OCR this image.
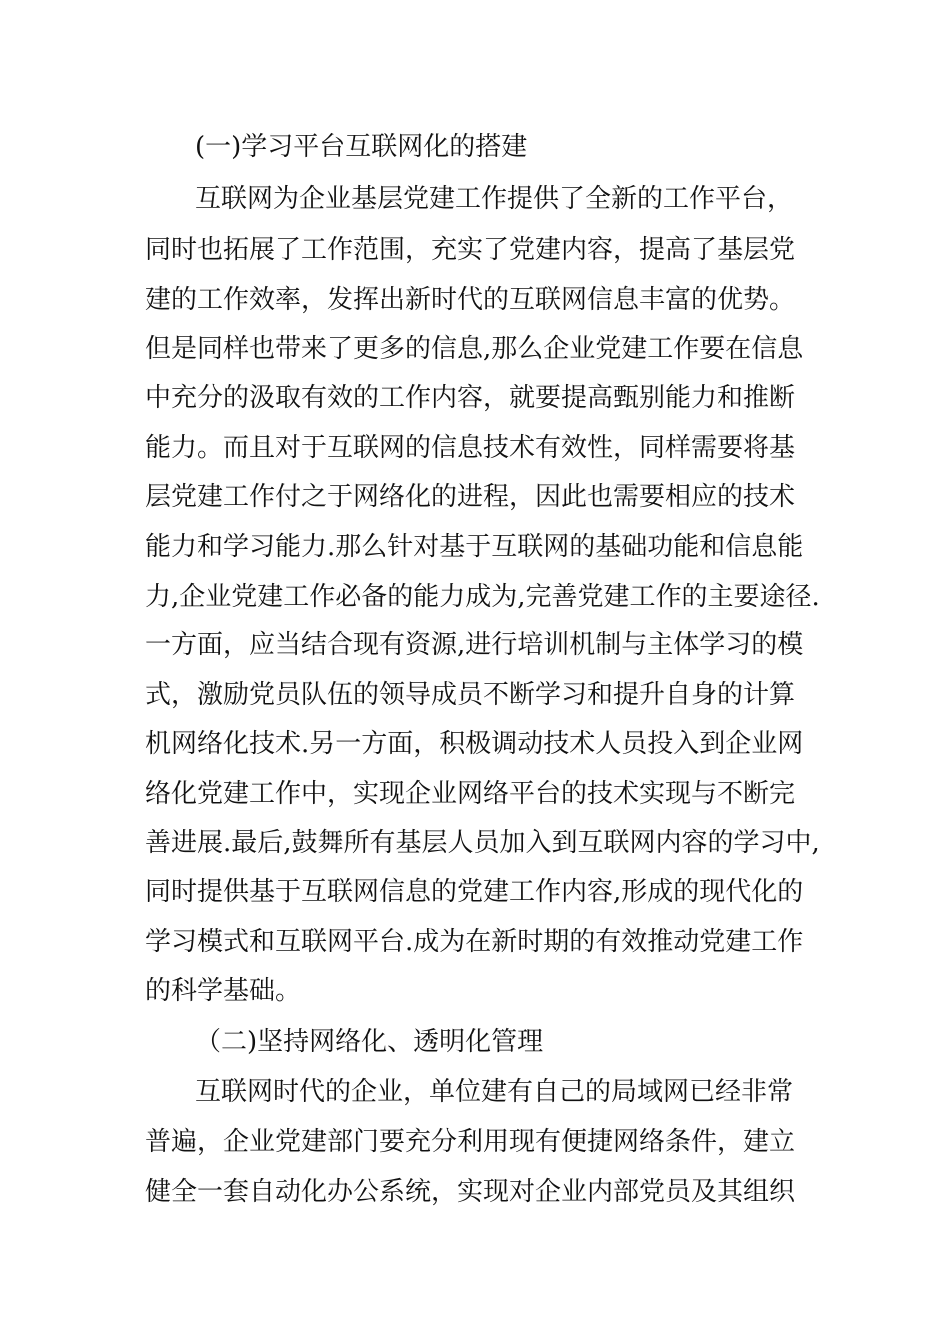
(一)学习平台互联网化的搭建
互联网为企业基层党建工作提供了全新的工作平台，
同时也拓展了工作范围，充实了党建内容，提高了基层党
建的工作效率，发挥出新时代的互联网信息丰富的优势。
但是同样也带来了更多的信息,那么企业党建工作要在信息
中充分的汲取有效的工作内容，就要提高甄别能力和推断
能力。而且对于互联网的信息技术有效性，同样需要将基
层党建工作付之于网络化的进程，因此也需要相应的技术
能力和学习能力.那么针对基于互联网的基础功能和信息能
力,企业党建工作必备的能力成为,完善党建工作的主要途径.
一方面，应当结合现有资源,进行培训机制与主体学习的模
式，激励党员队伍的领导成员不断学习和提升自身的计算
机网络化技术.另一方面，积极调动技术人员投入到企业网
络化党建工作中，实现企业网络平台的技术实现与不断完
善进展.最后,鼓舞所有基层人员加入到互联网内容的学习中,
同时提供基于互联网信息的党建工作内容,形成的现代化的
学习模式和互联网平台.成为在新时期的有效推动党建工作
的科学基础。
（二)坚持网络化、透明化管理
互联网时代的企业，单位建有自己的局域网已经非常
普遍，企业党建部门要充分利用现有便捷网络条件，建立
健全一套自动化办公系统，实现对企业内部党员及其组织
